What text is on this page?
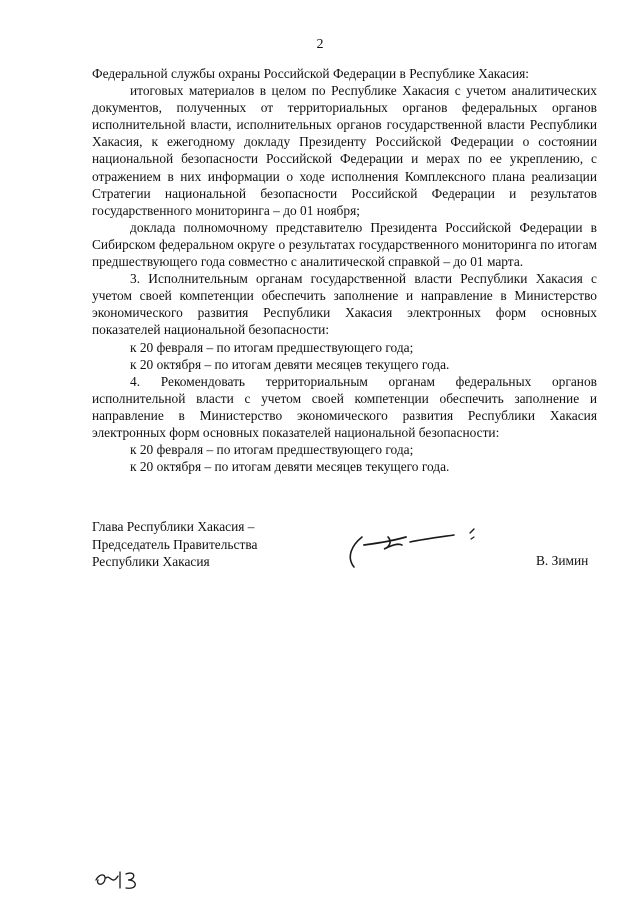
2

Федеральной службы охраны Российской Федерации в Республике Хакасия:

итоговых материалов в целом по Республике Хакасия с учетом аналитических документов, полученных от территориальных органов федеральных органов исполнительной власти, исполнительных органов государственной власти Республики Хакасия, к ежегодному докладу Президенту Российской Федерации о состоянии национальной безопасности Российской Федерации и мерах по ее укреплению, с отражением в них информации о ходе исполнения Комплексного плана реализации Стратегии национальной безопасности Российской Федерации и результатов государственного мониторинга – до 01 ноября;

доклада полномочному представителю Президента Российской Федерации в Сибирском федеральном округе о результатах государственного мониторинга по итогам предшествующего года совместно с аналитической справкой – до 01 марта.

3. Исполнительным органам государственной власти Республики Хакасия с учетом своей компетенции обеспечить заполнение и направление в Министерство экономического развития Республики Хакасия электронных форм основных показателей национальной безопасности:

к 20 февраля – по итогам предшествующего года;

к 20 октября – по итогам девяти месяцев текущего года.

4. Рекомендовать территориальным органам федеральных органов исполнительной власти с учетом своей компетенции обеспечить заполнение и направление в Министерство экономического развития Республики Хакасия электронных форм основных показателей национальной безопасности:

к 20 февраля – по итогам предшествующего года;

к 20 октября – по итогам девяти месяцев текущего года.

Глава Республики Хакасия –
Председатель Правительства
Республики Хакасия	В. Зимин
